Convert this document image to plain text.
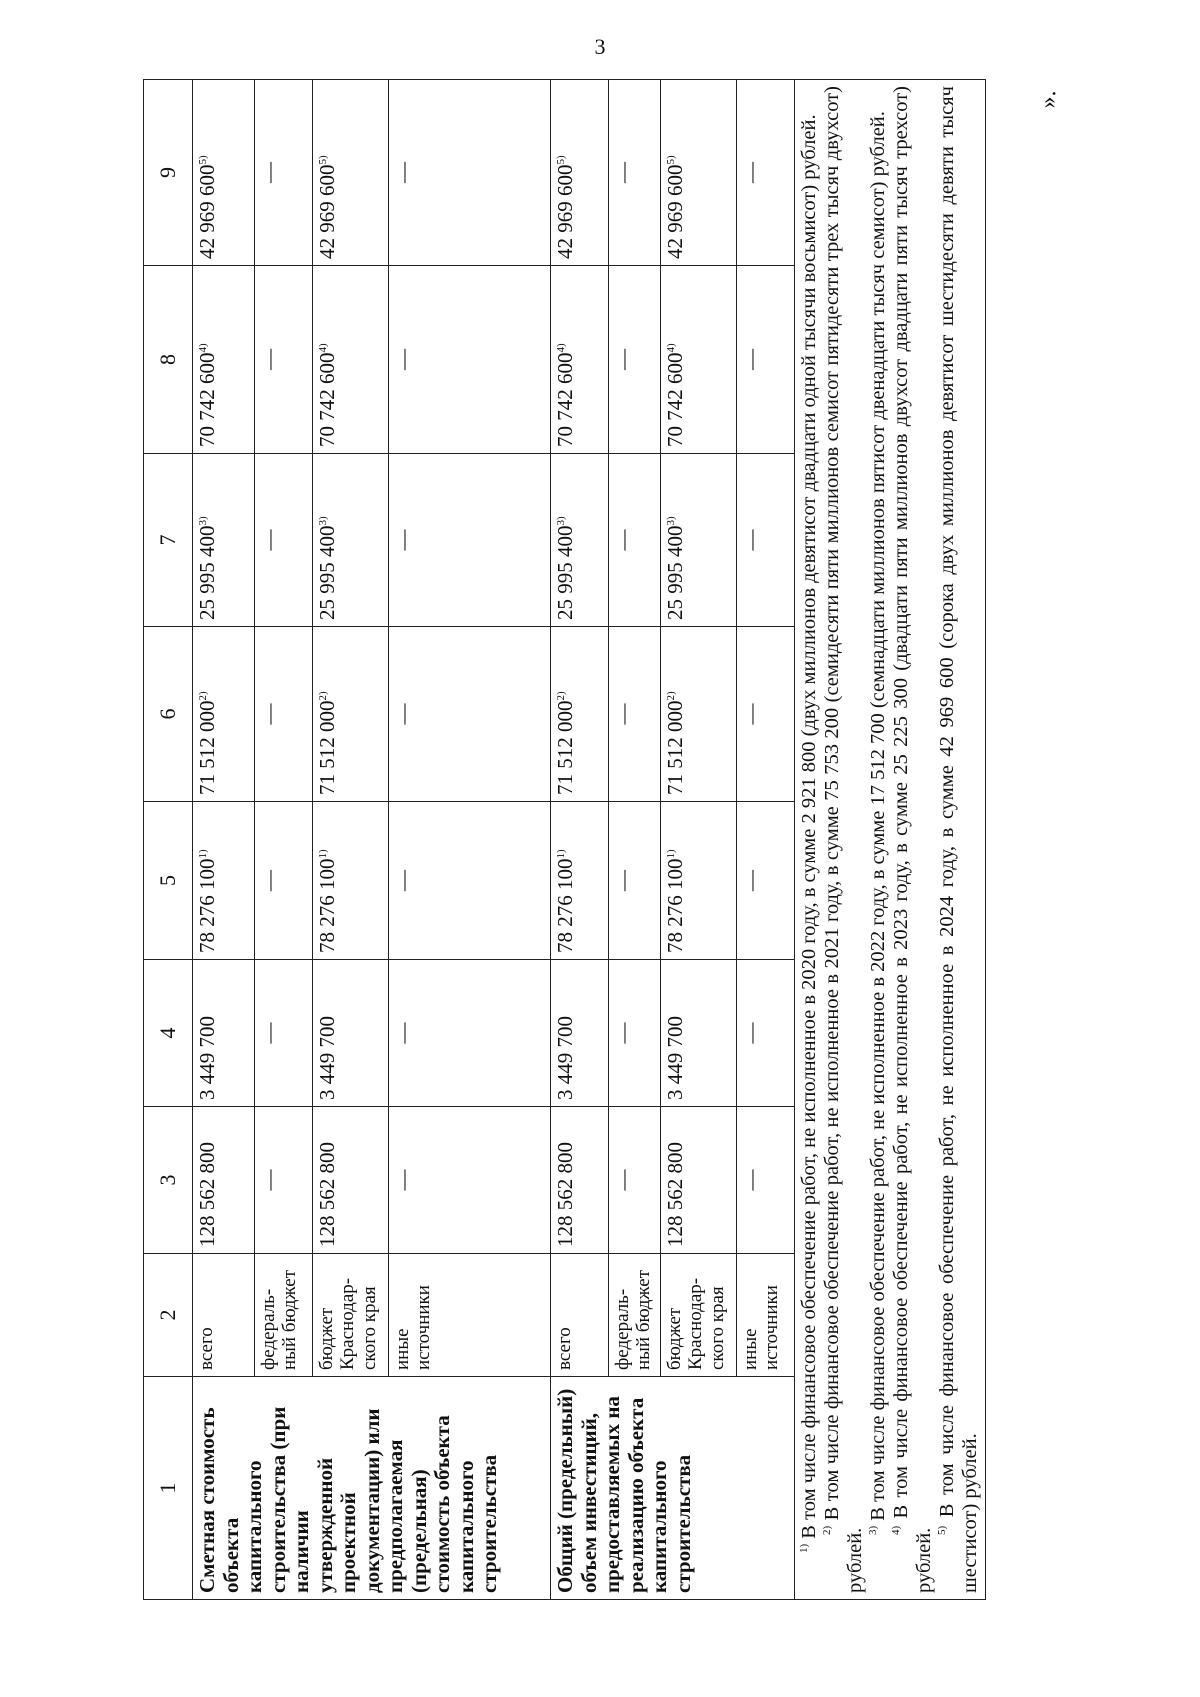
3
».
1	2	3	4	5	6	7	8	9
Сметная стоимость объекта капитального строительства (при наличии утвержденной проектной документации) или предполагаемая (предельная) стоимость объекта капитального строительства	всего	128 562 800	3 449 700	78 276 100$^{1)}$	71 512 000$^{2)}$	25 995 400$^{3)}$	70 742 600$^{4)}$	42 969 600$^{5)}$
	федераль-ный бюджет	—	—	—	—	—	—	—
	бюджет Краснодар-ского края	128 562 800	3 449 700	78 276 100$^{1)}$	71 512 000$^{2)}$	25 995 400$^{3)}$	70 742 600$^{4)}$	42 969 600$^{5)}$
	иные источники	—	—	—	—	—	—	—
Общий (предельный) объем инвестиций, предоставляемых на реализацию объекта капитального строительства	всего	128 562 800	3 449 700	78 276 100$^{1)}$	71 512 000$^{2)}$	25 995 400$^{3)}$	70 742 600$^{4)}$	42 969 600$^{5)}$
	федераль-ный бюджет	—	—	—	—	—	—	—
	бюджет Краснодар-ского края	128 562 800	3 449 700	78 276 100$^{1)}$	71 512 000$^{2)}$	25 995 400$^{3)}$	70 742 600$^{4)}$	42 969 600$^{5)}$
	иные источники	—	—	—	—	—	—	—

$^{1)}$ В том числе финансовое обеспечение работ, не исполненное в 2020 году, в сумме 2 921 800 (двух миллионов девятисот двадцати одной тысячи восьмисот) рублей. $^{2)}$ В том числе финансовое обеспечение работ, не исполненное в 2021 году, в сумме 75 753 200 (семидесяти пяти миллионов семисот пятидесяти трех тысяч двухсот) рублей. $^{3)}$ В том числе финансовое обеспечение работ, не исполненное в 2022 году, в сумме 17 512 700 (семнадцати миллионов пятисот двенадцати тысяч семисот) рублей.

$^{4)}$ В том числе финансовое обеспечение работ, не исполненное в 2023 году, в сумме 25 225 300 (двадцати пяти миллионов двухсот двадцати пяти тысяч трехсот) рублей. $^{5)}$ В том числе финансовое обеспечение работ, не исполненное в 2024 году, в сумме 42 969 600 (сорока двух миллионов девятисот шестидесяти девяти тысяч шестисот) рублей.								
